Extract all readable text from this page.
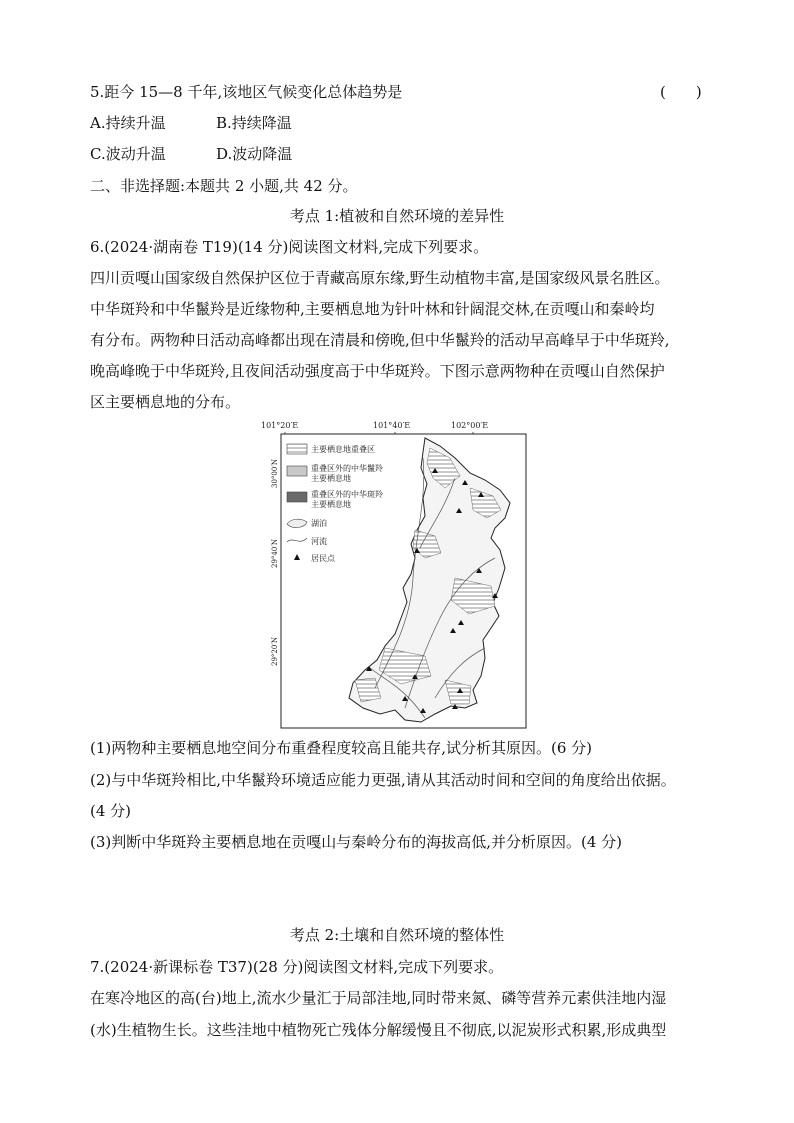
5.距今 15—8 千年,该地区气候变化总体趋势是	(　　)
A.持续升温	B.持续降温
C.波动升温	D.波动降温
二、非选择题:本题共 2 小题,共 42 分。
考点 1:植被和自然环境的差异性
6.(2024·湖南卷 T19)(14 分)阅读图文材料,完成下列要求。
四川贡嘎山国家级自然保护区位于青藏高原东缘,野生动植物丰富,是国家级风景名胜区。
中华斑羚和中华鬣羚是近缘物种,主要栖息地为针叶林和针阔混交林,在贡嘎山和秦岭均
有分布。两物种日活动高峰都出现在清晨和傍晚,但中华鬣羚的活动早高峰早于中华斑羚,
晚高峰晚于中华斑羚,且夜间活动强度高于中华斑羚。下图示意两物种在贡嘎山自然保护
区主要栖息地的分布。
101°20′E	101°40′E	102°00′E
30°00′N
29°40′N
29°20′N
主要栖息地重叠区
重叠区外的中华鬣羚
主要栖息地
重叠区外的中华斑羚
主要栖息地
湖泊
河流
居民点
(1)两物种主要栖息地空间分布重叠程度较高且能共存,试分析其原因。(6 分)
(2)与中华斑羚相比,中华鬣羚环境适应能力更强,请从其活动时间和空间的角度给出依据。
(4 分)
(3)判断中华斑羚主要栖息地在贡嘎山与秦岭分布的海拔高低,并分析原因。(4 分)
考点 2:土壤和自然环境的整体性
7.(2024·新课标卷 T37)(28 分)阅读图文材料,完成下列要求。
在寒冷地区的高(台)地上,流水少量汇于局部洼地,同时带来氮、磷等营养元素供洼地内湿
(水)生植物生长。这些洼地中植物死亡残体分解缓慢且不彻底,以泥炭形式积累,形成典型
